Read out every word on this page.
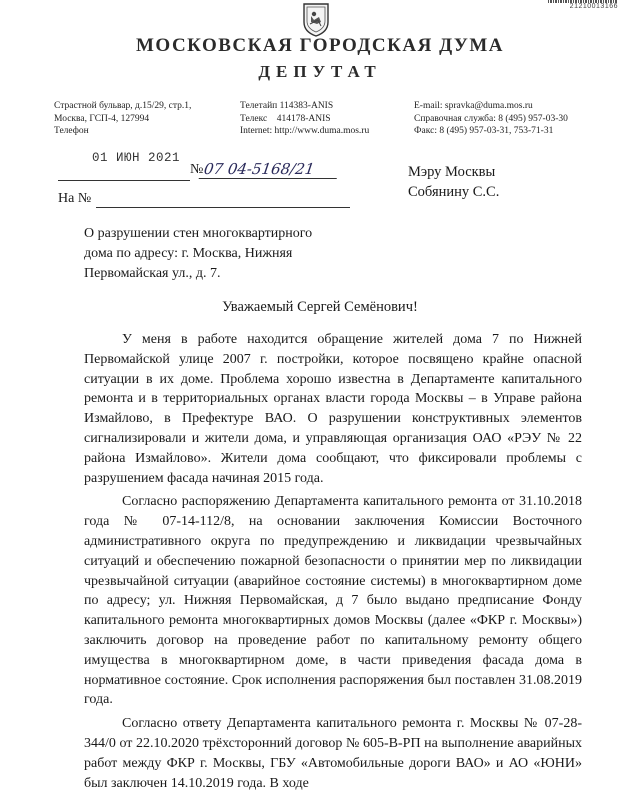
21210013166
МОСКОВСКАЯ ГОРОДСКАЯ ДУМА
ДЕПУТАТ
Страстной бульвар, д.15/29, стр.1,
Москва, ГСП-4, 127994
Телефон
Телетайп 114383-ANIS
Телекс    414178-ANIS
Internet: http://www.duma.mos.ru
E-mail: spravka@duma.mos.ru
Справочная служба: 8 (495) 957-03-30
Факс: 8 (495) 957-03-31, 753-71-31
01 ИЮН 2021
№ 07 04-5168/21
На №
Мэру Москвы
Собянину С.С.
О разрушении стен многоквартирного
дома по адресу: г. Москва, Нижняя
Первомайская ул., д. 7.
Уважаемый Сергей Семёнович!

У меня в работе находится обращение жителей дома 7 по Нижней Первомайской улице 2007 г. постройки, которое посвящено крайне опасной ситуации в их доме. Проблема хорошо известна в Департаменте капитального ремонта и в территориальных органах власти города Москвы – в Управе района Измайлово, в Префектуре ВАО. О разрушении конструктивных элементов сигнализировали и жители дома, и управляющая организация ОАО «РЭУ № 22 района Измайлово». Жители дома сообщают, что фиксировали проблемы с разрушением фасада начиная 2015 года.

Согласно распоряжению Департамента капитального ремонта от 31.10.2018 года № 07-14-112/8, на основании заключения Комиссии Восточного административного округа по предупреждению и ликвидации чрезвычайных ситуаций и обеспечению пожарной безопасности о принятии мер по ликвидации чрезвычайной ситуации (аварийное состояние системы) в многоквартирном доме по адресу; ул. Нижняя Первомайская, д 7 было выдано предписание Фонду капитального ремонта многоквартирных домов Москвы (далее «ФКР г. Москвы») заключить договор на проведение работ по капитальному ремонту общего имущества в многоквартирном доме, в части приведения фасада дома в нормативное состояние. Срок исполнения распоряжения был поставлен 31.08.2019 года.

Согласно ответу Департамента капитального ремонта г. Москвы № 07-28-344/0 от 22.10.2020 трёхсторонний договор № 605-В-РП на выполнение аварийных работ между ФКР г. Москвы, ГБУ «Автомобильные дороги ВАО» и АО «ЮНИ» был заключен 14.10.2019 года. В ходе
